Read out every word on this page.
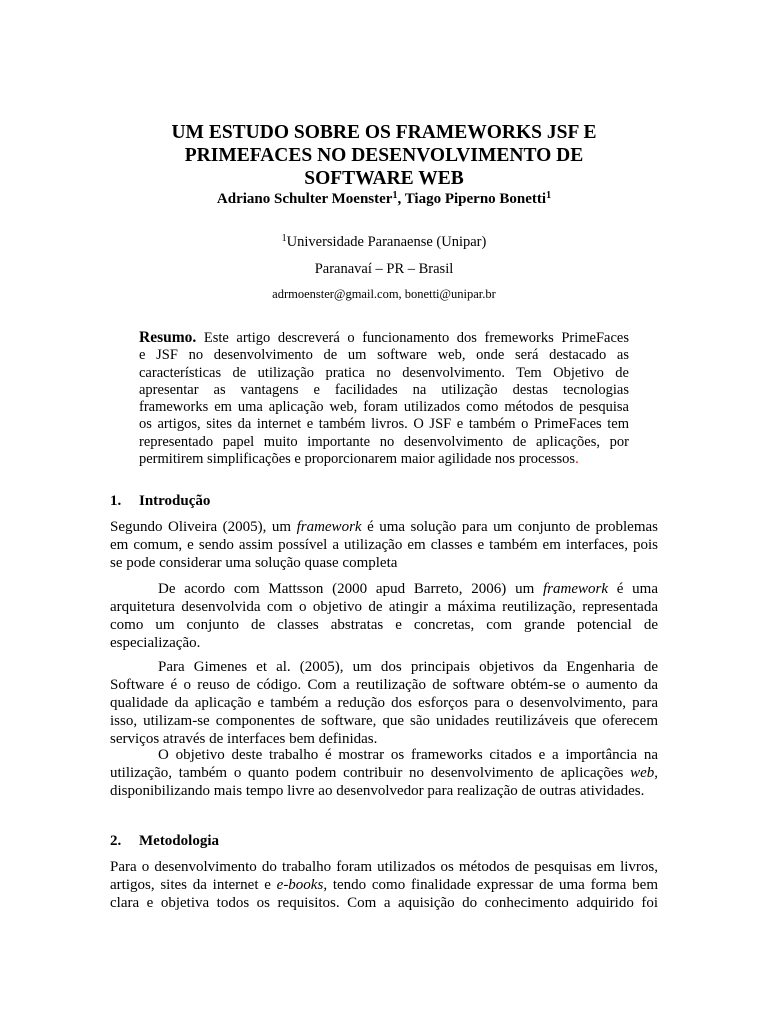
UM ESTUDO SOBRE OS FRAMEWORKS JSF E
PRIMEFACES NO DESENVOLVIMENTO DE
SOFTWARE WEB
Adriano Schulter Moenster$^1$, Tiago Piperno Bonetti$^1$
$^1$Universidade Paranaense (Unipar)
Paranavaí – PR – Brasil
adrmoenster@gmail.com, bonetti@unipar.br
Resumo. Este artigo descreverá o funcionamento dos fremeworks PrimeFaces
e JSF no desenvolvimento de um software web, onde será destacado as
características de utilização pratica no desenvolvimento. Tem Objetivo de
apresentar as vantagens e facilidades na utilização destas tecnologias
frameworks em uma aplicação web, foram utilizados como métodos de pesquisa
os artigos, sites da internet e também livros. O JSF e também o PrimeFaces tem
representado papel muito importante no desenvolvimento de aplicações, por
permitirem simplificações e proporcionarem maior agilidade nos processos.
1. Introdução
Segundo Oliveira (2005), um framework é uma solução para um conjunto de problemas
em comum, e sendo assim possível a utilização em classes e também em interfaces, pois
se pode considerar uma solução quase completa
De acordo com Mattsson (2000 apud Barreto, 2006) um framework é uma
arquitetura desenvolvida com o objetivo de atingir a máxima reutilização, representada
como um conjunto de classes abstratas e concretas, com grande potencial de
especialização.
Para Gimenes et al. (2005), um dos principais objetivos da Engenharia de
Software é o reuso de código. Com a reutilização de software obtém-se o aumento da
qualidade da aplicação e também a redução dos esforços para o desenvolvimento, para
isso, utilizam-se componentes de software, que são unidades reutilizáveis que oferecem
serviços através de interfaces bem definidas.
O objetivo deste trabalho é mostrar os frameworks citados e a importância na
utilização, também o quanto podem contribuir no desenvolvimento de aplicações web,
disponibilizando mais tempo livre ao desenvolvedor para realização de outras atividades.
2. Metodologia
Para o desenvolvimento do trabalho foram utilizados os métodos de pesquisas em livros,
artigos, sites da internet e e-books, tendo como finalidade expressar de uma forma bem
clara e objetiva todos os requisitos. Com a aquisição do conhecimento adquirido foi
